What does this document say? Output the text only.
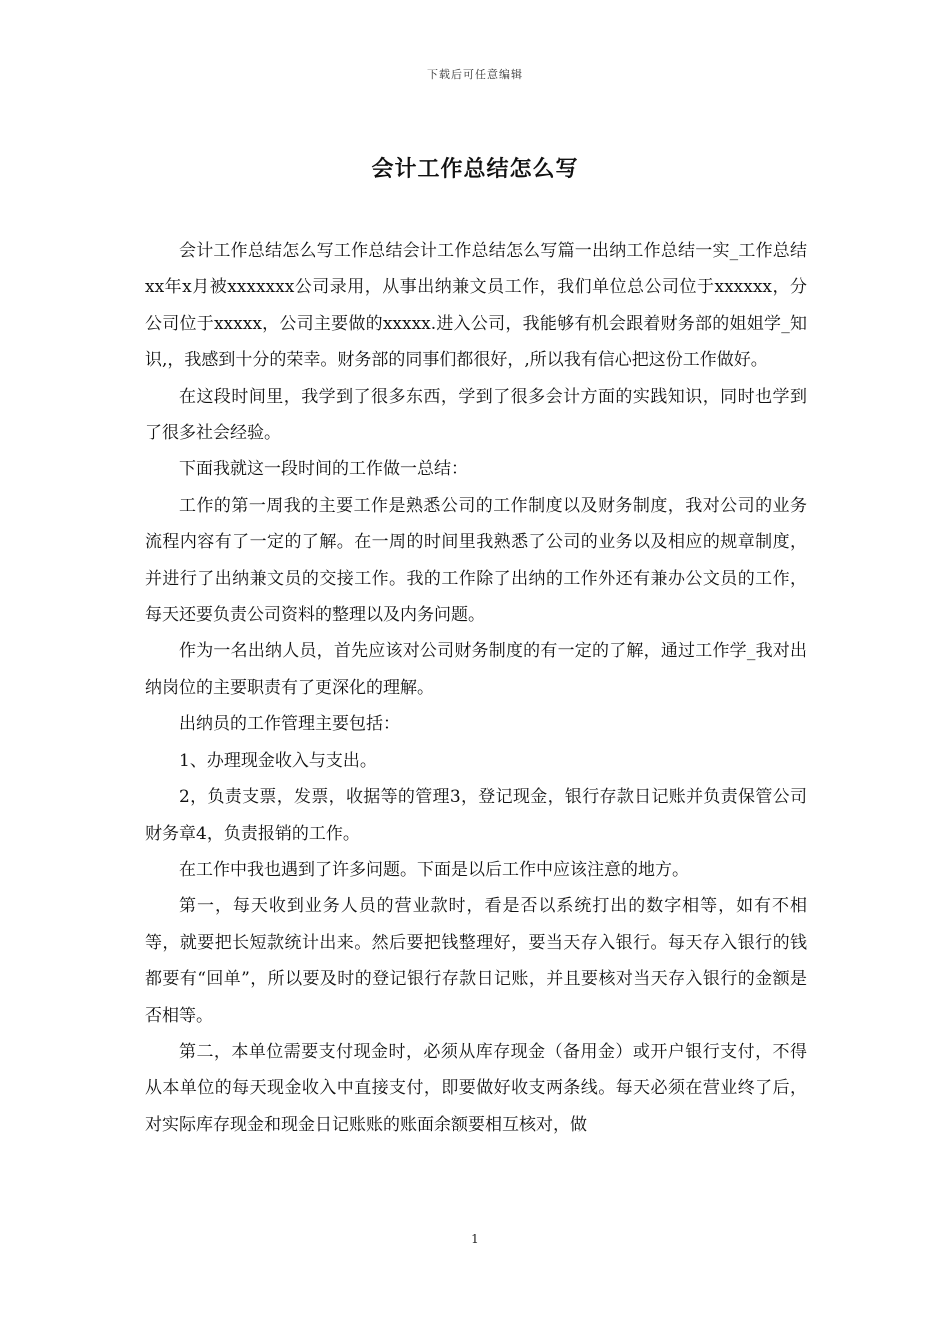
下载后可任意编辑
会计工作总结怎么写

会计工作总结怎么写工作总结会计工作总结怎么写篇一出纳工作总结一实_工作总结xx年x月被xxxxxxx公司录用，从事出纳兼文员工作，我们单位总公司位于xxxxxx，分公司位于xxxxx，公司主要做的xxxxx.进入公司，我能够有机会跟着财务部的姐姐学_知识,，我感到十分的荣幸。财务部的同事们都很好，,所以我有信心把这份工作做好。

在这段时间里，我学到了很多东西，学到了很多会计方面的实践知识，同时也学到了很多社会经验。

下面我就这一段时间的工作做一总结：

工作的第一周我的主要工作是熟悉公司的工作制度以及财务制度，我对公司的业务流程内容有了一定的了解。在一周的时间里我熟悉了公司的业务以及相应的规章制度，并进行了出纳兼文员的交接工作。我的工作除了出纳的工作外还有兼办公文员的工作，每天还要负责公司资料的整理以及内务问题。

作为一名出纳人员，首先应该对公司财务制度的有一定的了解，通过工作学_我对出纳岗位的主要职责有了更深化的理解。

出纳员的工作管理主要包括：

1、办理现金收入与支出。

2，负责支票，发票，收据等的管理3，登记现金，银行存款日记账并负责保管公司财务章4，负责报销的工作。

在工作中我也遇到了许多问题。下面是以后工作中应该注意的地方。

第一，每天收到业务人员的营业款时，看是否以系统打出的数字相等，如有不相等，就要把长短款统计出来。然后要把钱整理好，要当天存入银行。每天存入银行的钱都要有“回单”，所以要及时的登记银行存款日记账，并且要核对当天存入银行的金额是否相等。

第二，本单位需要支付现金时，必须从库存现金（备用金）或开户银行支付，不得从本单位的每天现金收入中直接支付，即要做好收支两条线。每天必须在营业终了后，对实际库存现金和现金日记账账的账面余额要相互核对，做

1
